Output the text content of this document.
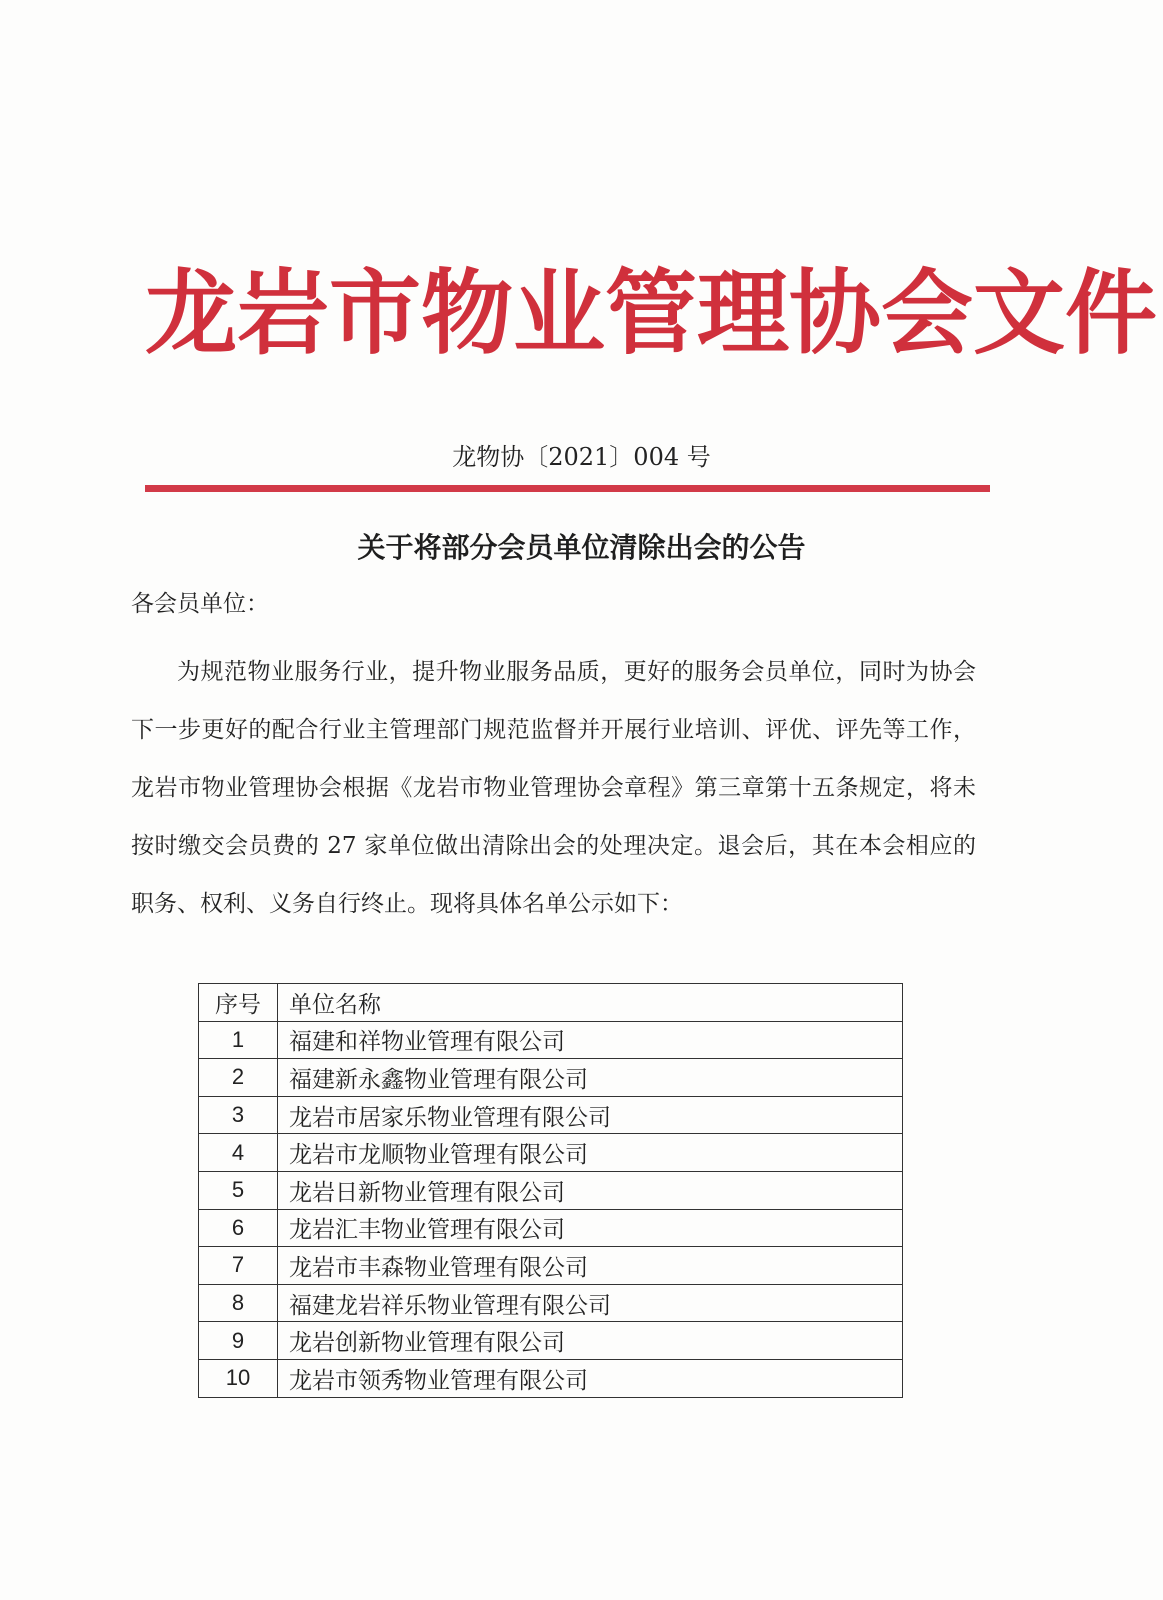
龙岩市物业管理协会文件
龙物协〔2021〕004 号
关于将部分会员单位清除出会的公告
各会员单位：

为规范物业服务行业，提升物业服务品质，更好的服务会员单位，同时为协会下一步更好的配合行业主管理部门规范监督并开展行业培训、评优、评先等工作，龙岩市物业管理协会根据《龙岩市物业管理协会章程》第三章第十五条规定，将未按时缴交会员费的 27 家单位做出清除出会的处理决定。退会后，其在本会相应的职务、权利、义务自行终止。现将具体名单公示如下：

序号	单位名称
1	福建和祥物业管理有限公司
2	福建新永鑫物业管理有限公司
3	龙岩市居家乐物业管理有限公司
4	龙岩市龙顺物业管理有限公司
5	龙岩日新物业管理有限公司
6	龙岩汇丰物业管理有限公司
7	龙岩市丰森物业管理有限公司
8	福建龙岩祥乐物业管理有限公司
9	龙岩创新物业管理有限公司
10	龙岩市领秀物业管理有限公司
